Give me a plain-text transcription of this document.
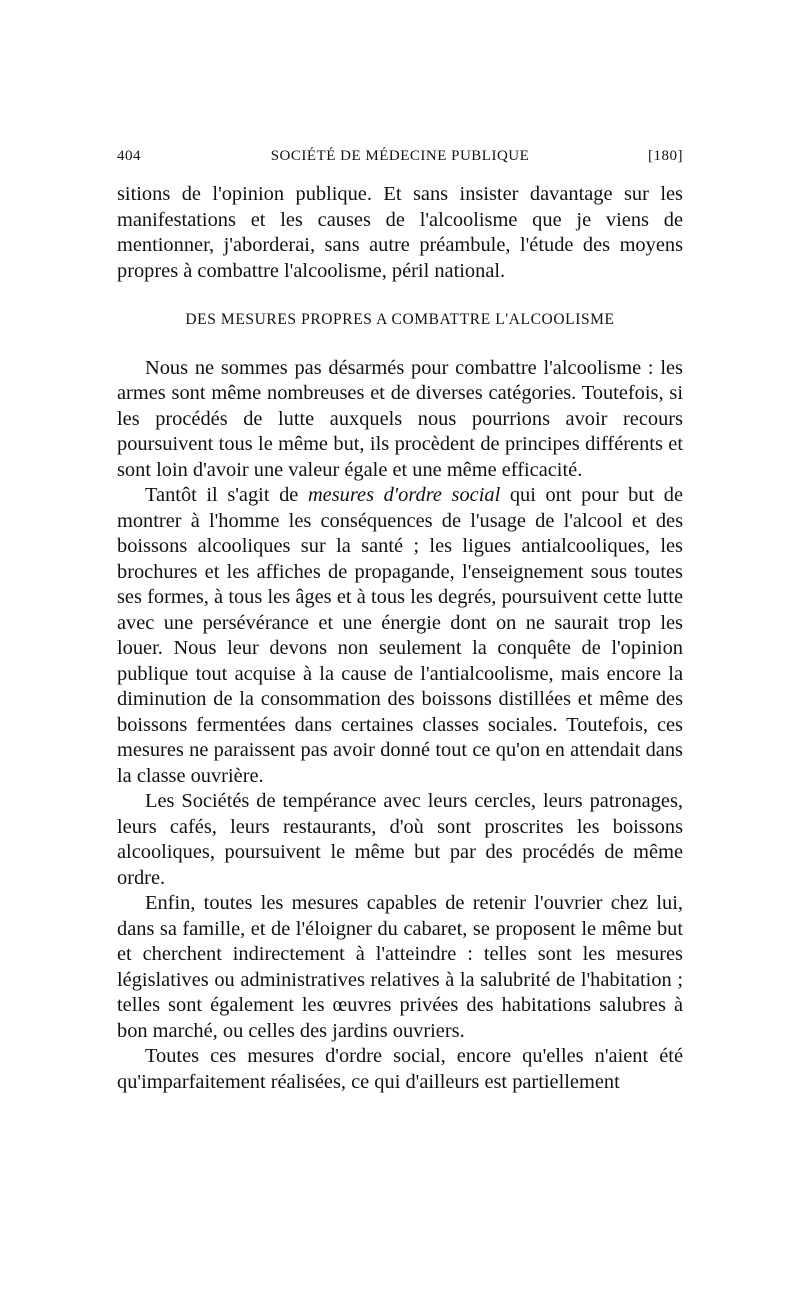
404	SOCIÉTÉ DE MÉDECINE PUBLIQUE	[180]

sitions de l'opinion publique. Et sans insister davantage sur les manifestations et les causes de l'alcoolisme que je viens de mentionner, j'aborderai, sans autre préambule, l'étude des moyens propres à combattre l'alcoolisme, péril national.

DES MESURES PROPRES A COMBATTRE L'ALCOOLISME

Nous ne sommes pas désarmés pour combattre l'alcoolisme : les armes sont même nombreuses et de diverses catégories. Toutefois, si les procédés de lutte auxquels nous pourrions avoir recours poursuivent tous le même but, ils procèdent de principes différents et sont loin d'avoir une valeur égale et une même efficacité.

Tantôt il s'agit de mesures d'ordre social qui ont pour but de montrer à l'homme les conséquences de l'usage de l'alcool et des boissons alcooliques sur la santé ; les ligues antialcooliques, les brochures et les affiches de propagande, l'enseignement sous toutes ses formes, à tous les âges et à tous les degrés, poursuivent cette lutte avec une persévérance et une énergie dont on ne saurait trop les louer. Nous leur devons non seulement la conquête de l'opinion publique tout acquise à la cause de l'antialcoolisme, mais encore la diminution de la consommation des boissons distillées et même des boissons fermentées dans certaines classes sociales. Toutefois, ces mesures ne paraissent pas avoir donné tout ce qu'on en attendait dans la classe ouvrière.

Les Sociétés de tempérance avec leurs cercles, leurs patronages, leurs cafés, leurs restaurants, d'où sont proscrites les boissons alcooliques, poursuivent le même but par des procédés de même ordre.

Enfin, toutes les mesures capables de retenir l'ouvrier chez lui, dans sa famille, et de l'éloigner du cabaret, se proposent le même but et cherchent indirectement à l'atteindre : telles sont les mesures législatives ou administratives relatives à la salubrité de l'habitation ; telles sont également les œuvres privées des habitations salubres à bon marché, ou celles des jardins ouvriers.

Toutes ces mesures d'ordre social, encore qu'elles n'aient été qu'imparfaitement réalisées, ce qui d'ailleurs est partiellement
